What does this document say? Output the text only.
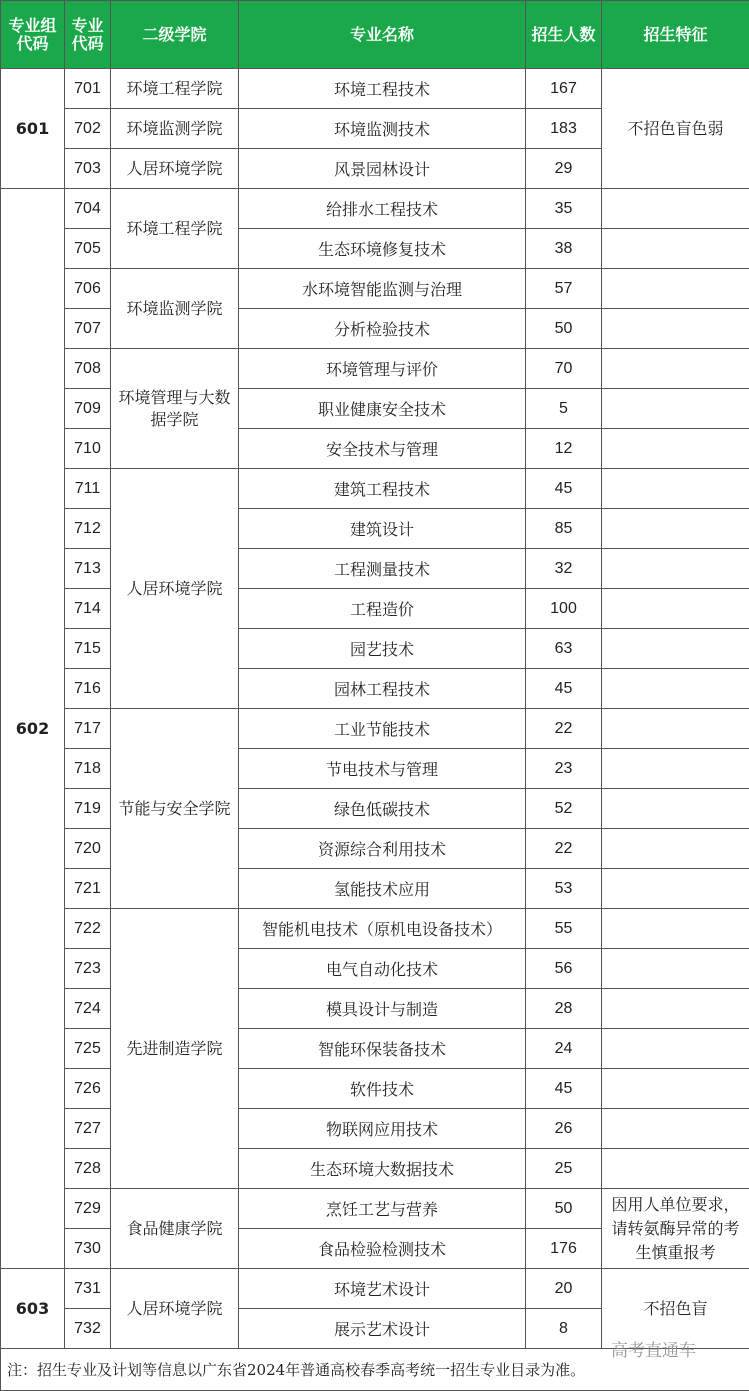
专业组代码	专业代码	二级学院	专业名称	招生人数	招生特征
601	701	环境工程学院	环境工程技术	167	不招色盲色弱
	702	环境监测学院	环境监测技术	183	
	703	人居环境学院	风景园林设计	29	
602	704	环境工程学院	给排水工程技术	35	
	705		生态环境修复技术	38	
	706	环境监测学院	水环境智能监测与治理	57	
	707		分析检验技术	50	
	708	环境管理与大数据学院	环境管理与评价	70	
	709		职业健康安全技术	5	
	710		安全技术与管理	12	
	711	人居环境学院	建筑工程技术	45	
	712		建筑设计	85	
	713		工程测量技术	32	
	714		工程造价	100	
	715		园艺技术	63	
	716		园林工程技术	45	
	717	节能与安全学院	工业节能技术	22	
	718		节电技术与管理	23	
	719		绿色低碳技术	52	
	720		资源综合利用技术	22	
	721		氢能技术应用	53	
	722	先进制造学院	智能机电技术（原机电设备技术）	55	
	723		电气自动化技术	56	
	724		模具设计与制造	28	
	725		智能环保装备技术	24	
	726		软件技术	45	
	727		物联网应用技术	26	
	728		生态环境大数据技术	25	
	729	食品健康学院	烹饪工艺与营养	50	因用人单位要求，请转氨酶异常的考生慎重报考

	730		食品检验检测技术	176	
603	731	人居环境学院	环境艺术设计	20	不招色盲
	732		展示艺术设计	8	
注：招生专业及计划等信息以广东省2024年普通高校春季高考统一招生专业目录为准。					
高考直通车
